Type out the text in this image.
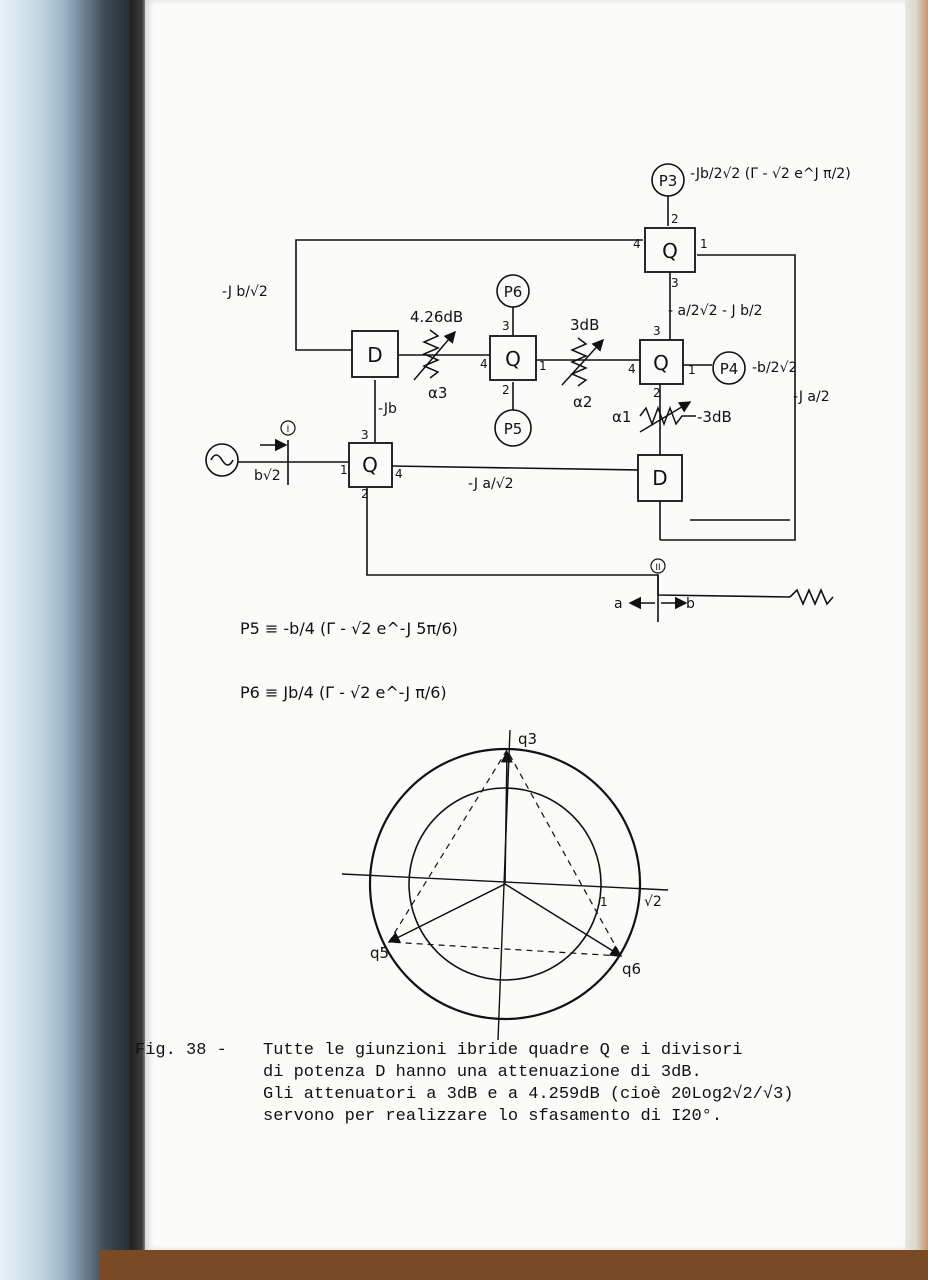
Q
D	Q	Q
Q
D
4	1
2
3
3
4	1
2
3
4	1
2
3
1	4
2
P3
P6
P5
P4
4.26dB
α3
3dB
α2
-3dB
α1
-Jb/2√2 (Γ - √2 e^J π/2)
-b/2√2
-J b/√2
-Jb
- a/2√2 - J b/2
-J a/2
-J a/√2
b√2
a	b
I
II
P5 ≡ -b/4 (Γ - √2 e^-J 5π/6)
P6 ≡ Jb/4 (Γ - √2 e^-J π/6)
q3
q5
q6
1	√2
Fig. 38 - Tutte le giunzioni ibride quadre Q e i divisori
di potenza D hanno una attenuazione di 3dB.
Gli attenuatori a 3dB e a 4.259dB (cioè 20Log2√2/√3)
servono per realizzare lo sfasamento di I20°.
